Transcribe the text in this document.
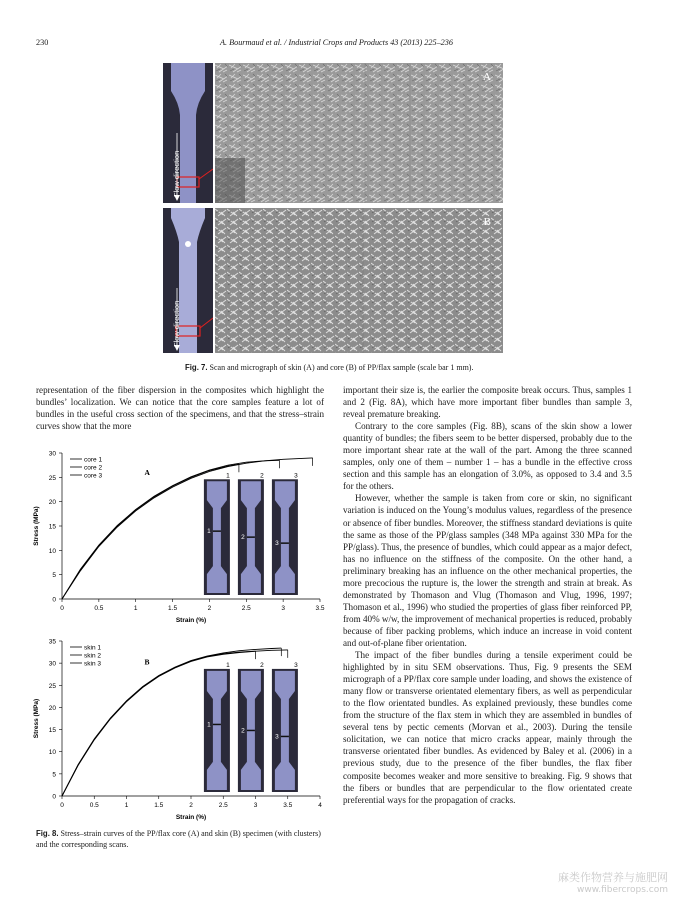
230	A. Bourmaud et al. / Industrial Crops and Products 43 (2013) 225–236
Flow direction
A
Flow direction
B
Fig. 7. Scan and micrograph of skin (A) and core (B) of PP/flax sample (scale bar 1 mm).

representation of the fiber dispersion in the composites which highlight the bundles’ localization. We can notice that the core samples feature a lot of bundles in the useful cross section of the specimens, and that the stress–strain curves show that the more

0
5
10
15
20
25
30
0	0.5	1	1.5	2	2.5	3	3.5
Strain (%)
Stress (MPa)
core 1
core 2
core 3	A
1
1
2
2
3
3
0
5
10
15
20
25
30
35
0	0.5	1	1.5	2	2.5	3	3.5	4
Strain (%)
Stress (MPa)
skin 1
skin 2
skin 3	B
1
1
2
2
3
3
Fig. 8. Stress–strain curves of the PP/flax core (A) and skin (B) specimen (with clusters) and the corresponding scans.

important their size is, the earlier the composite break occurs. Thus, samples 1 and 2 (Fig. 8A), which have more important fiber bundles than sample 3, reveal premature breaking.

Contrary to the core samples (Fig. 8B), scans of the skin show a lower quantity of bundles; the fibers seem to be better dispersed, probably due to the more important shear rate at the wall of the part. Among the three scanned samples, only one of them – number 1 – has a bundle in the effective cross section and this sample has an elongation of 3.0%, as opposed to 3.4 and 3.5 for the others.

However, whether the sample is taken from core or skin, no significant variation is induced on the Young’s modulus values, regardless of the presence or absence of fiber bundles. Moreover, the stiffness standard deviations is quite the same as those of the PP/glass samples (348 MPa against 330 MPa for the PP/glass). Thus, the presence of bundles, which could appear as a major defect, has no influence on the stiffness of the composite. On the other hand, a preliminary breaking has an influence on the other mechanical properties, the more precocious the rupture is, the lower the strength and strain at break. As demonstrated by Thomason and Vlug (Thomason and Vlug, 1996, 1997; Thomason et al., 1996) who studied the properties of glass fiber reinforced PP, from 40% w/w, the improvement of mechanical properties is reduced, probably because of fiber packing problems, which induce an increase in void content and out-of-plane fiber orientation.

The impact of the fiber bundles during a tensile experiment could be highlighted by in situ SEM observations. Thus, Fig. 9 presents the SEM micrograph of a PP/flax core sample under loading, and shows the existence of many flow or transverse orientated elementary fibers, as well as perpendicular to the flow orientated bundles. As explained previously, these bundles come from the structure of the flax stem in which they are assembled in bundles of several tens by pectic cements (Morvan et al., 2003). During the tensile solicitation, we can notice that micro cracks appear, mainly through the transverse orientated fiber bundles. As evidenced by Baley et al. (2006) in a previous study, due to the presence of the fiber bundles, the flax fiber composite becomes weaker and more sensitive to breaking. Fig. 9 shows that the fibers or bundles that are perpendicular to the flow orientated create preferential ways for the propagation of cracks.

麻类作物营养与施肥网
www.fibercrops.com
